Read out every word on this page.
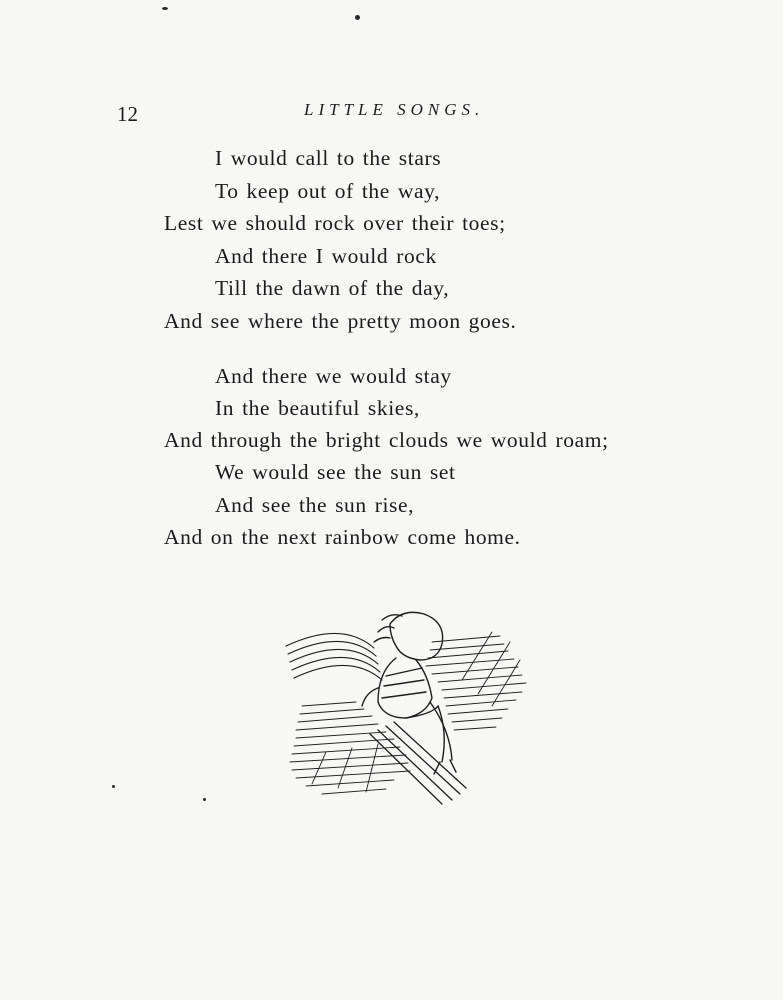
12	LITTLE SONGS.
I would call to the stars
To keep out of the way,
Lest we should rock over their toes;
And there I would rock
Till the dawn of the day,
And see where the pretty moon goes.
And there we would stay
In the beautiful skies,
And through the bright clouds we would roam;
We would see the sun set
And see the sun rise,
And on the next rainbow come home.
